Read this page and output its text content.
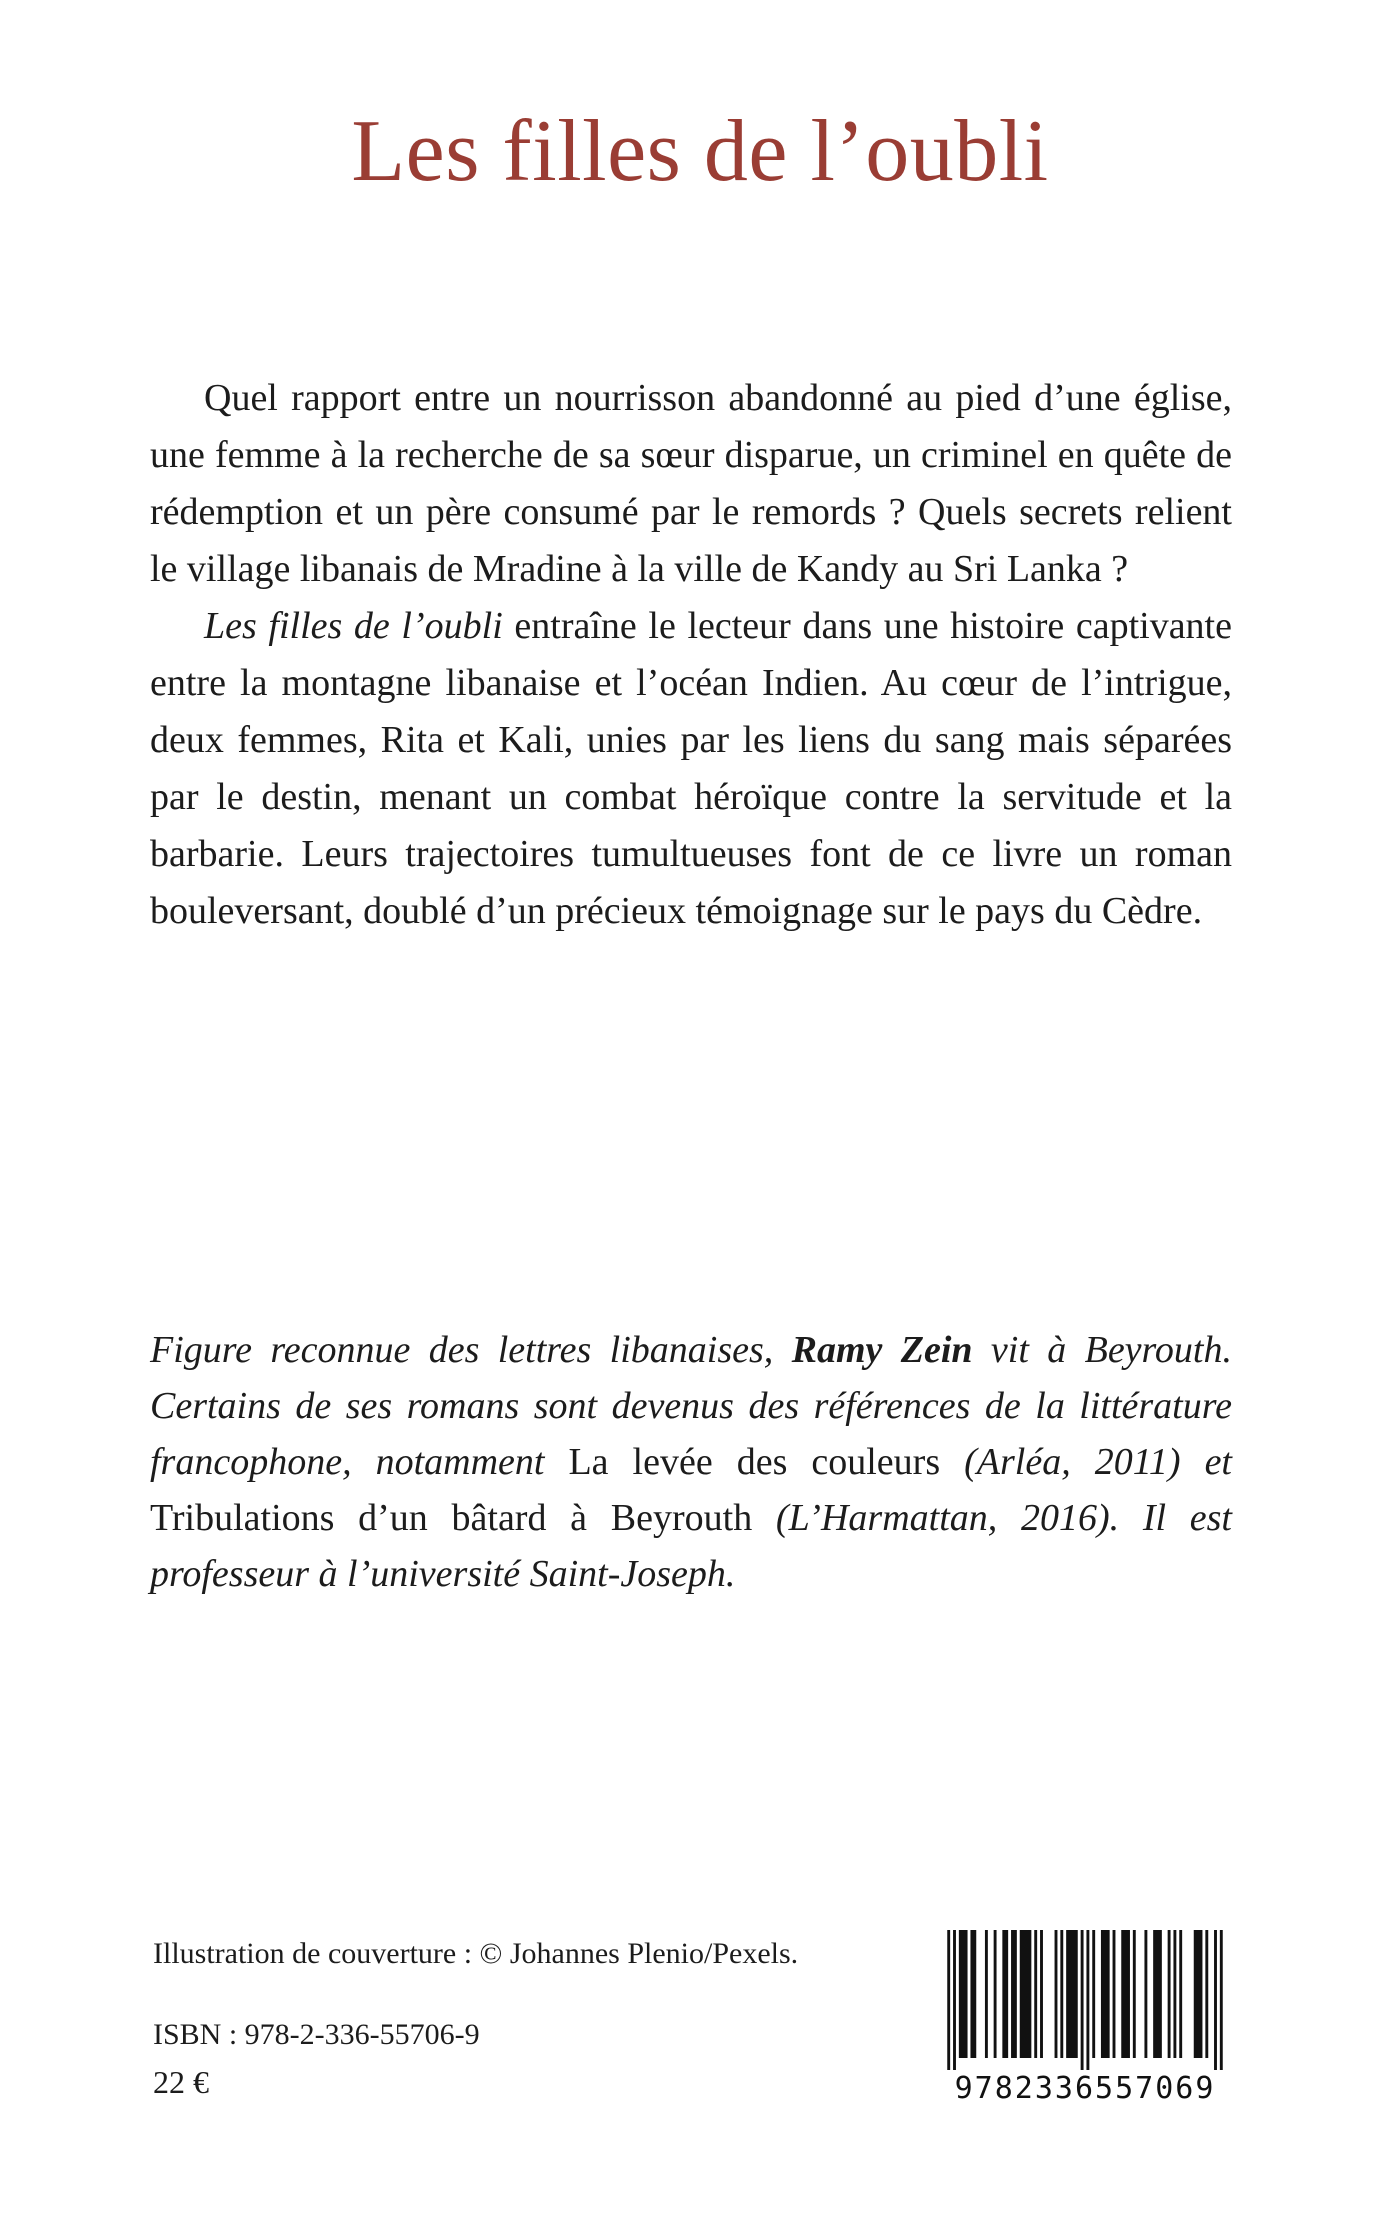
Les filles de l’oubli

Quel rapport entre un nourrisson abandonné au pied d’une église, une femme à la recherche de sa sœur disparue, un criminel en quête de rédemption et un père consumé par le remords ? Quels secrets relient le village libanais de Mradine à la ville de Kandy au Sri Lanka ?

Les filles de l’oubli entraîne le lecteur dans une histoire captivante entre la montagne libanaise et l’océan Indien. Au cœur de l’intrigue, deux femmes, Rita et Kali, unies par les liens du sang mais séparées par le destin, menant un combat héroïque contre la servitude et la barbarie. Leurs trajectoires tumultueuses font de ce livre un roman bouleversant, doublé d’un précieux témoignage sur le pays du Cèdre.

Figure reconnue des lettres libanaises, Ramy Zein vit à Beyrouth. Certains de ses romans sont devenus des références de la littérature francophone, notamment La levée des couleurs (Arléa, 2011) et Tribulations d’un bâtard à Beyrouth (L’Harmattan, 2016). Il est professeur à l’université Saint-Joseph.
Illustration de couverture : © Johannes Plenio/Pexels.
ISBN : 978-2-336-55706-9
22 €	9782336557069
